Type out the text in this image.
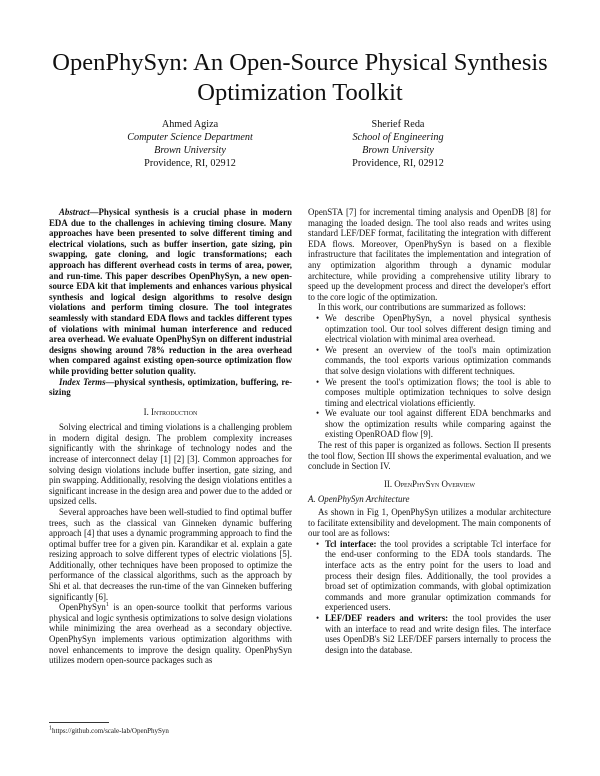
OpenPhySyn: An Open-Source Physical Synthesis
Optimization Toolkit
Ahmed Agiza
Computer Science Department
Brown University
Providence, RI, 02912
Sherief Reda
School of Engineering
Brown University
Providence, RI, 02912

Abstract—Physical synthesis is a crucial phase in modern EDA due to the challenges in achieving timing closure. Many approaches have been presented to solve different timing and electrical violations, such as buffer insertion, gate sizing, pin swapping, gate cloning, and logic transformations; each approach has different overhead costs in terms of area, power, and run-time. This paper describes OpenPhySyn, a new open-source EDA kit that implements and enhances various physical synthesis and logical design algorithms to resolve design violations and perform timing closure. The tool integrates seamlessly with standard EDA flows and tackles different types of violations with minimal human interference and reduced area overhead. We evaluate OpenPhySyn on different industrial designs showing around 78% reduction in the area overhead when compared against existing open-source optimization flow while providing better solution quality.

Index Terms—physical synthesis, optimization, buffering, re-sizing

I. Introduction

Solving electrical and timing violations is a challenging problem in modern digital design. The problem complexity increases significantly with the shrinkage of technology nodes and the increase of interconnect delay [1] [2] [3]. Common approaches for solving design violations include buffer insertion, gate sizing, and pin swapping. Additionally, resolving the design violations entitles a significant increase in the design area and power due to the added or upsized cells.

Several approaches have been well-studied to find optimal buffer trees, such as the classical van Ginneken dynamic buffering approach [4] that uses a dynamic programming approach to find the optimal buffer tree for a given pin. Karandikar et al. explain a gate resizing approach to solve different types of electric violations [5]. Additionally, other techniques have been proposed to optimize the performance of the classical algorithms, such as the approach by Shi et al. that decreases the run-time of the van Ginneken buffering significantly [6].

OpenPhySyn$^1$ is an open-source toolkit that performs various physical and logic synthesis optimizations to solve design violations while minimizing the area overhead as a secondary objective. OpenPhySyn implements various optimization algorithms with novel enhancements to improve the design quality. OpenPhySyn utilizes modern open-source packages such as

$^1$https://github.com/scale-lab/OpenPhySyn

OpenSTA [7] for incremental timing analysis and OpenDB [8] for managing the loaded design. The tool also reads and writes using standard LEF/DEF format, facilitating the integration with different EDA flows. Moreover, OpenPhySyn is based on a flexible infrastructure that facilitates the implementation and integration of any optimization algorithm through a dynamic modular architecture, while providing a comprehensive utility library to speed up the development process and direct the developer's effort to the core logic of the optimization.

In this work, our contributions are summarized as follows:

• We describe OpenPhySyn, a novel physical synthesis optimzation tool. Our tool solves different design timing and electrical violation with minimal area overhead.
• We present an overview of the tool's main optimization commands, the tool exports various optimization commands that solve design violations with different techniques.
• We present the tool's optimization flows; the tool is able to composes multiple optimization techniques to solve design timing and electrical violations efficiently.
• We evaluate our tool against different EDA benchmarks and show the optimization results while comparing against the existing OpenROAD flow [9].

The rest of this paper is organized as follows. Section II presents the tool flow, Section III shows the experimental evaluation, and we conclude in Section IV.

II. OpenPhySyn Overview
A. OpenPhySyn Architecture

As shown in Fig 1, OpenPhySyn utilizes a modular architecture to facilitate extensibility and development. The main components of our tool are as follows:

• Tcl interface: the tool provides a scriptable Tcl interface for the end-user conforming to the EDA tools standards. The interface acts as the entry point for the users to load and process their design files. Additionally, the tool provides a broad set of optimization commands, with global optimization commands and more granular optimization commands for experienced users.
• LEF/DEF readers and writers: the tool provides the user with an interface to read and write design files. The interface uses OpenDB's Si2 LEF/DEF parsers internally to process the design into the database.
